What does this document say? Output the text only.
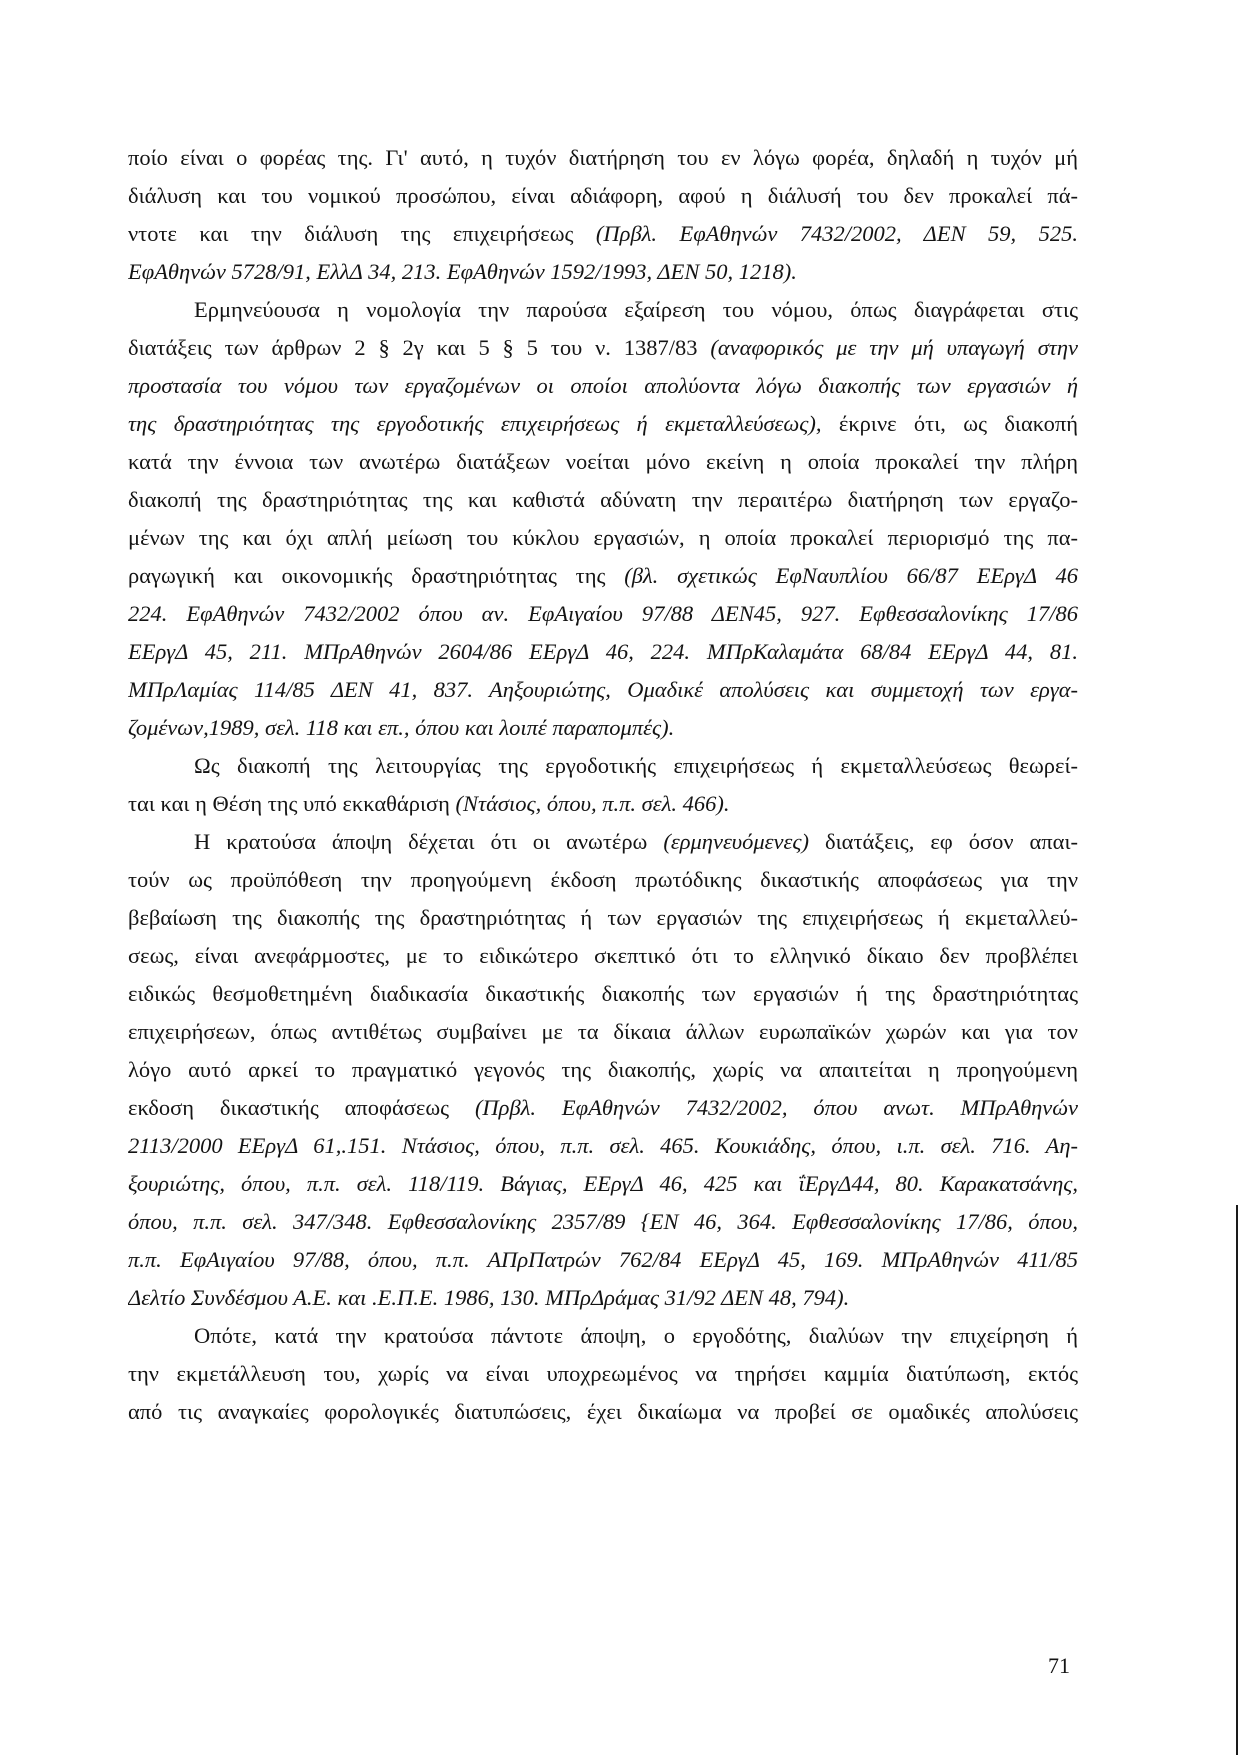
ποίο είναι ο φορέας της. Γι' αυτό, η τυχόν διατήρηση του εν λόγω φορέα, δηλαδή η τυχόν μή
διάλυση και του νομικού προσώπου, είναι αδιάφορη, αφού η διάλυσή του δεν προκαλεί πά-
ντοτε και την διάλυση της επιχειρήσεως (Πρβλ. ΕφΑθηνών 7432/2002, ΔΕΝ 59, 525.
ΕφΑθηνών 5728/91, ΕλλΔ 34, 213. ΕφΑθηνών 1592/1993, ΔΕΝ 50, 1218).
Ερμηνεύουσα η νομολογία την παρούσα εξαίρεση του νόμου, όπως διαγράφεται στις
διατάξεις των άρθρων 2 § 2γ και 5 § 5 του ν. 1387/83 (αναφορικός με την μή υπαγωγή στην
προστασία του νόμου των εργαζομένων οι οποίοι απολύοντα λόγω διακοπής των εργασιών ή
της δραστηριότητας της εργοδοτικής επιχειρήσεως ή εκμεταλλεύσεως), έκρινε ότι, ως διακοπή
κατά την έννοια των ανωτέρω διατάξεων νοείται μόνο εκείνη η οποία προκαλεί την πλήρη
διακοπή της δραστηριότητας της και καθιστά αδύνατη την περαιτέρω διατήρηση των εργαζο-
μένων της και όχι απλή μείωση του κύκλου εργασιών, η οποία προκαλεί περιορισμό της πα-
ραγωγική και οικονομικής δραστηριότητας της (βλ. σχετικώς ΕφΝαυπλίου 66/87 ΕΕργΔ 46
224. ΕφΑθηνών 7432/2002 όπου αν. ΕφΑιγαίου 97/88 ΔΕΝ45, 927. Εφθεσσαλονίκης 17/86
ΕΕργΔ 45, 211. ΜΠρΑθηνών 2604/86 ΕΕργΔ 46, 224. ΜΠρΚαλαμάτα 68/84 ΕΕργΔ 44, 81.
ΜΠρΛαμίας 114/85 ΔΕΝ 41, 837. Αηξουριώτης, Ομαδικέ απολύσεις και συμμετοχή των εργα-
ζομένων,1989, σελ. 118 και επ., όπου και λοιπέ παραπομπές).
Ως διακοπή της λειτουργίας της εργοδοτικής επιχειρήσεως ή εκμεταλλεύσεως θεωρεί-
ται και η Θέση της υπό εκκαθάριση (Ντάσιος, όπου, π.π. σελ. 466).
Η κρατούσα άποψη δέχεται ότι οι ανωτέρω (ερμηνευόμενες) διατάξεις, εφ όσον απαι-
τούν ως προϋπόθεση την προηγούμενη έκδοση πρωτόδικης δικαστικής αποφάσεως για την
βεβαίωση της διακοπής της δραστηριότητας ή των εργασιών της επιχειρήσεως ή εκμεταλλεύ-
σεως, είναι ανεφάρμοστες, με το ειδικώτερο σκεπτικό ότι το ελληνικό δίκαιο δεν προβλέπει
ειδικώς θεσμοθετημένη διαδικασία δικαστικής διακοπής των εργασιών ή της δραστηριότητας
επιχειρήσεων, όπως αντιθέτως συμβαίνει με τα δίκαια άλλων ευρωπαϊκών χωρών και για τον
λόγο αυτό αρκεί το πραγματικό γεγονός της διακοπής, χωρίς να απαιτείται η προηγούμενη
εκδοση δικαστικής αποφάσεως (Πρβλ. ΕφΑθηνών 7432/2002, όπου ανωτ. ΜΠρΑθηνών
2113/2000 ΕΕργΔ 61,.151. Ντάσιος, όπου, π.π. σελ. 465. Κουκιάδης, όπου, ι.π. σελ. 716. Αη-
ξουριώτης, όπου, π.π. σελ. 118/119. Βάγιας, ΕΕργΔ 46, 425 και ΐΕργΔ44, 80. Καρακατσάνης,
όπου, π.π. σελ. 347/348. Εφθεσσαλονίκης 2357/89 {ΕΝ 46, 364. Εφθεσσαλονίκης 17/86, όπου,
π.π. ΕφΑιγαίου 97/88, όπου, π.π. ΑΠρΠατρών 762/84 ΕΕργΔ 45, 169. ΜΠρΑθηνών 411/85
Δελτίο Συνδέσμου Α.Ε. και .Ε.Π.Ε. 1986, 130. ΜΠρΔράμας 31/92 ΔΕΝ 48, 794).
Οπότε, κατά την κρατούσα πάντοτε άποψη, ο εργοδότης, διαλύων την επιχείρηση ή
την εκμετάλλευση του, χωρίς να είναι υποχρεωμένος να τηρήσει καμμία διατύπωση, εκτός
από τις αναγκαίες φορολογικές διατυπώσεις, έχει δικαίωμα να προβεί σε ομαδικές απολύσεις
71
